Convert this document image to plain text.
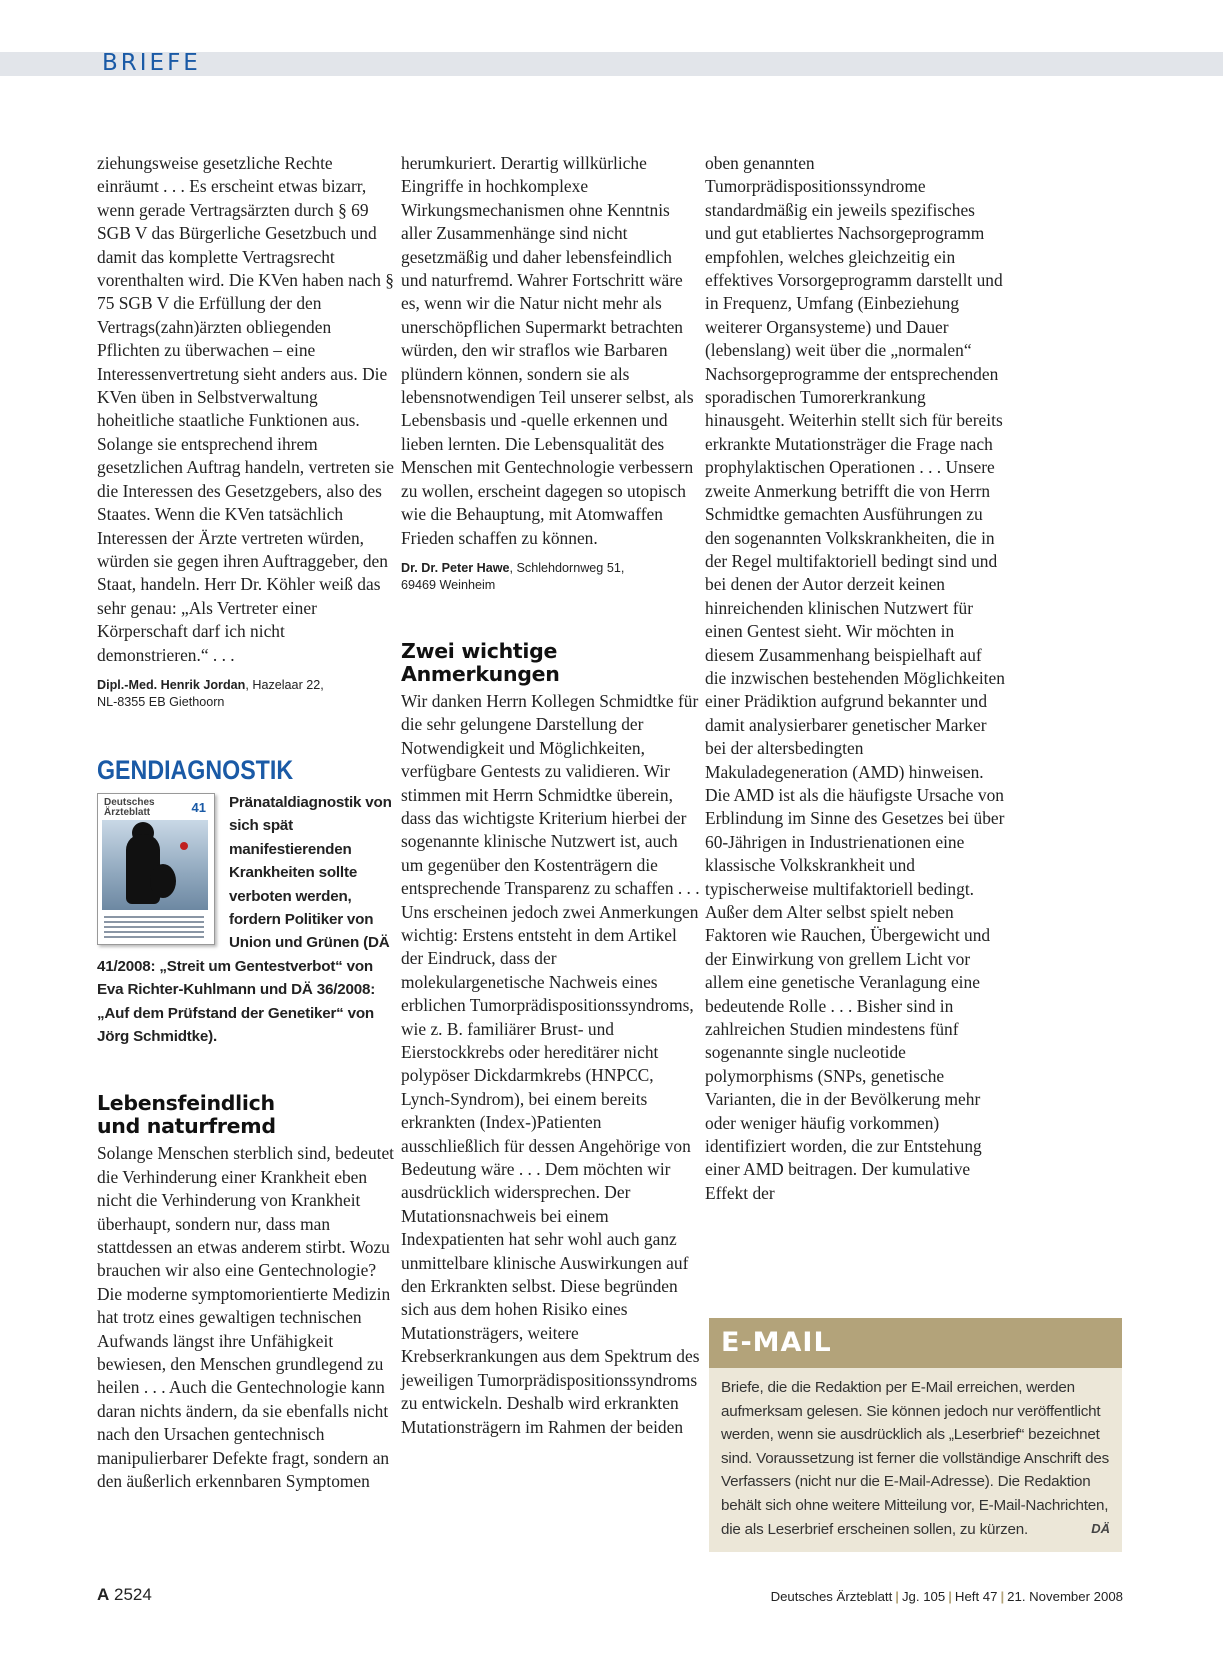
BRIEFE

ziehungsweise gesetzliche Rechte einräumt . . . Es erscheint etwas bizarr, wenn gerade Vertragsärzten durch § 69 SGB V das Bürgerliche Gesetzbuch und damit das komplette Vertragsrecht vorenthalten wird. Die KVen haben nach § 75 SGB V die Erfüllung der den Vertrags(zahn)ärzten obliegenden Pflichten zu überwachen – eine Interessenvertretung sieht anders aus. Die KVen üben in Selbstverwaltung hoheitliche staatliche Funktionen aus. Solange sie entsprechend ihrem gesetzlichen Auftrag handeln, vertreten sie die Interessen des Gesetzgebers, also des Staates. Wenn die KVen tatsächlich Interessen der Ärzte vertreten würden, würden sie gegen ihren Auftraggeber, den Staat, handeln. Herr Dr. Köhler weiß das sehr genau: „Als Vertreter einer Körperschaft darf ich nicht demonstrieren.“ . . .

Dipl.-Med. Henrik Jordan, Hazelaar 22,
NL-8355 EB Giethoorn

GENDIAGNOSTIK
Deutsches
Ärzteblatt	41	Pränataldiagnostik von sich spät manifestierenden Krankheiten sollte verboten werden, fordern Politiker von Union und Grünen (DÄ 41/2008: „Streit um Gentestverbot“ von Eva Richter-Kuhlmann und DÄ 36/2008: „Auf dem Prüfstand der Genetiker“ von Jörg Schmidtke).

Lebensfeindlich
und naturfremd

Solange Menschen sterblich sind, bedeutet die Verhinderung einer Krankheit eben nicht die Verhinderung von Krankheit überhaupt, sondern nur, dass man stattdessen an etwas anderem stirbt. Wozu brauchen wir also eine Gentechnologie? Die moderne symptomorientierte Medizin hat trotz eines gewaltigen technischen Aufwands längst ihre Unfähigkeit bewiesen, den Menschen grundlegend zu heilen . . . Auch die Gentechnologie kann daran nichts ändern, da sie ebenfalls nicht nach den Ursachen gentechnisch manipulierbarer Defekte fragt, sondern an den äußerlich erkennbaren Symptomen

herumkuriert. Derartig willkürliche Eingriffe in hochkomplexe Wirkungsmechanismen ohne Kenntnis aller Zusammenhänge sind nicht gesetzmäßig und daher lebensfeindlich und naturfremd. Wahrer Fortschritt wäre es, wenn wir die Natur nicht mehr als unerschöpflichen Supermarkt betrachten würden, den wir straflos wie Barbaren plündern können, sondern sie als lebensnotwendigen Teil unserer selbst, als Lebensbasis und -quelle erkennen und lieben lernten. Die Lebensqualität des Menschen mit Gentechnologie verbessern zu wollen, erscheint dagegen so utopisch wie die Behauptung, mit Atomwaffen Frieden schaffen zu können.

Dr. Dr. Peter Hawe, Schlehdornweg 51,
69469 Weinheim

Zwei wichtige
Anmerkungen

Wir danken Herrn Kollegen Schmidtke für die sehr gelungene Darstellung der Notwendigkeit und Möglichkeiten, verfügbare Gentests zu validieren. Wir stimmen mit Herrn Schmidtke überein, dass das wichtigste Kriterium hierbei der sogenannte klinische Nutzwert ist, auch um gegenüber den Kostenträgern die entsprechende Transparenz zu schaffen . . . Uns erscheinen jedoch zwei Anmerkungen wichtig: Erstens entsteht in dem Artikel der Eindruck, dass der molekulargenetische Nachweis eines erblichen Tumorprädispositionssyndroms, wie z. B. familiärer Brust- und Eierstockkrebs oder hereditärer nicht polypöser Dickdarmkrebs (HNPCC, Lynch-Syndrom), bei einem bereits erkrankten (Index-)Patienten ausschließlich für dessen Angehörige von Bedeutung wäre . . . Dem möchten wir ausdrücklich widersprechen. Der Mutationsnachweis bei einem Indexpatienten hat sehr wohl auch ganz unmittelbare klinische Auswirkungen auf den Erkrankten selbst. Diese begründen sich aus dem hohen Risiko eines Mutationsträgers, weitere Krebserkrankungen aus dem Spektrum des jeweiligen Tumorprädispositionssyndroms zu entwickeln. Deshalb wird erkrankten Mutationsträgern im Rahmen der beiden

oben genannten Tumorprädispositionssyndrome standardmäßig ein jeweils spezifisches und gut etabliertes Nachsorgeprogramm empfohlen, welches gleichzeitig ein effektives Vorsorgeprogramm darstellt und in Frequenz, Umfang (Einbeziehung weiterer Organsysteme) und Dauer (lebenslang) weit über die „normalen“ Nachsorgeprogramme der entsprechenden sporadischen Tumorerkrankung hinausgeht. Weiterhin stellt sich für bereits erkrankte Mutationsträger die Frage nach prophylaktischen Operationen . . . Unsere zweite Anmerkung betrifft die von Herrn Schmidtke gemachten Ausführungen zu den sogenannten Volkskrankheiten, die in der Regel multifaktoriell bedingt sind und bei denen der Autor derzeit keinen hinreichenden klinischen Nutzwert für einen Gentest sieht. Wir möchten in diesem Zusammenhang beispielhaft auf die inzwischen bestehenden Möglichkeiten einer Prädiktion aufgrund bekannter und damit analysierbarer genetischer Marker bei der altersbedingten Makuladegeneration (AMD) hinweisen. Die AMD ist als die häufigste Ursache von Erblindung im Sinne des Gesetzes bei über 60-Jährigen in Industrienationen eine klassische Volkskrankheit und typischerweise multifaktoriell bedingt. Außer dem Alter selbst spielt neben Faktoren wie Rauchen, Übergewicht und der Einwirkung von grellem Licht vor allem eine genetische Veranlagung eine bedeutende Rolle . . . Bisher sind in zahlreichen Studien mindestens fünf sogenannte single nucleotide polymorphisms (SNPs, genetische Varianten, die in der Bevölkerung mehr oder weniger häufig vorkommen) identifiziert worden, die zur Entstehung einer AMD beitragen. Der kumulative Effekt der

E-MAIL

Briefe, die die Redaktion per E-Mail erreichen, werden aufmerksam gelesen. Sie können jedoch nur veröffentlicht werden, wenn sie ausdrücklich als „Leserbrief“ bezeichnet sind. Voraussetzung ist ferner die vollständige Anschrift des Verfassers (nicht nur die E-Mail-Adresse). Die Redaktion behält sich ohne weitere Mitteilung vor, E-Mail-Nachrichten, die als Leserbrief erscheinen sollen, zu kürzen.	DÄ
A 2524	Deutsches Ärzteblatt | Jg. 105 | Heft 47 | 21. November 2008
